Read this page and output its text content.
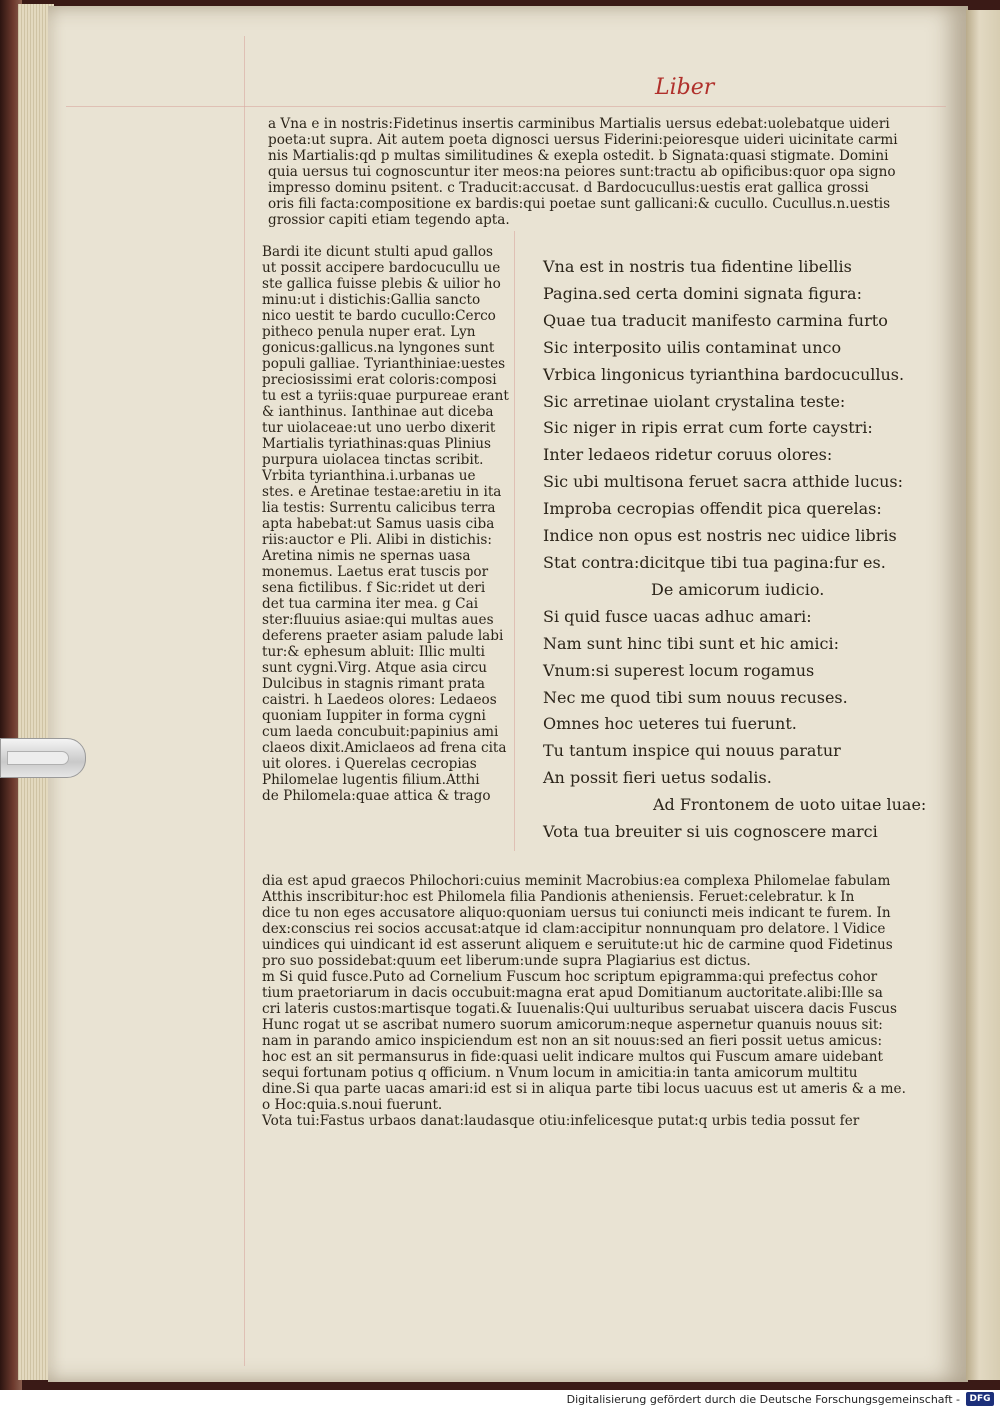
Liber
a Vna e in nostris:Fidetinus insertis carminibus Martialis uersus edebat:uolebatque uideri
poeta:ut supra. Ait autem poeta dignosci uersus Fiderini:peioresque uideri uicinitate carmi
nis Martialis:qd p multas similitudines & exepla ostedit. b Signata:quasi stigmate. Domini
quia uersus tui cognoscuntur iter meos:na peiores sunt:tractu ab opificibus:quor opa signo
impresso dominu psitent. c Traducit:accusat. d Bardocucullus:uestis erat gallica grossi
oris fili facta:compositione ex bardis:qui poetae sunt gallicani:& cucullo. Cucullus.n.uestis
grossior capiti etiam tegendo apta.
Bardi ite dicunt stulti apud gallos
ut possit accipere bardocucullu ue
ste gallica fuisse plebis & uilior ho
minu:ut i distichis:Gallia sancto
nico uestit te bardo cucullo:Cerco
pitheco penula nuper erat. Lyn
gonicus:gallicus.na lyngones sunt
populi galliae. Tyrianthiniae:uestes
preciosissimi erat coloris:composi
tu est a tyriis:quae purpureae erant
& ianthinus. Ianthinae aut diceba
tur uiolaceae:ut uno uerbo dixerit
Martialis tyriathinas:quas Plinius
purpura uiolacea tinctas scribit.
Vrbita tyrianthina.i.urbanas ue
stes. e Aretinae testae:aretiu in ita
lia testis: Surrentu calicibus terra
apta habebat:ut Samus uasis ciba
riis:auctor e Pli. Alibi in distichis:
Aretina nimis ne spernas uasa
monemus. Laetus erat tuscis por
sena fictilibus. f Sic:ridet ut deri
det tua carmina iter mea. g Cai
ster:fluuius asiae:qui multas aues
deferens praeter asiam palude labi
tur:& ephesum abluit: Illic multi
sunt cygni.Virg. Atque asia circu
Dulcibus in stagnis rimant prata
caistri. h Laedeos olores: Ledaeos
quoniam Iuppiter in forma cygni
cum laeda concubuit:papinius ami
claeos dixit.Amiclaeos ad frena cita
uit olores. i Querelas cecropias
Philomelae lugentis filium.Atthi
de Philomela:quae attica & trago
Vna est in nostris tua fidentine libellis
Pagina.sed certa domini signata figura:
Quae tua traducit manifesto carmina furto
Sic interposito uilis contaminat unco
Vrbica lingonicus tyrianthina bardocucullus.
Sic arretinae uiolant crystalina teste:
Sic niger in ripis errat cum forte caystri:
Inter ledaeos ridetur coruus olores:
Sic ubi multisona feruet sacra atthide lucus:
Improba cecropias offendit pica querelas:
Indice non opus est nostris nec uidice libris
Stat contra:dicitque tibi tua pagina:fur es.
De amicorum iudicio.
Si quid fusce uacas adhuc amari:
Nam sunt hinc tibi sunt et hic amici:
Vnum:si superest locum rogamus
Nec me quod tibi sum nouus recuses.
Omnes hoc ueteres tui fuerunt.
Tu tantum inspice qui nouus paratur
An possit fieri uetus sodalis.
Ad Frontonem de uoto uitae luae:
Vota tua breuiter si uis cognoscere marci
dia est apud graecos Philochori:cuius meminit Macrobius:ea complexa Philomelae fabulam
Atthis inscribitur:hoc est Philomela filia Pandionis atheniensis. Feruet:celebratur. k In
dice tu non eges accusatore aliquo:quoniam uersus tui coniuncti meis indicant te furem. In
dex:conscius rei socios accusat:atque id clam:accipitur nonnunquam pro delatore. l Vidice
uindices qui uindicant id est asserunt aliquem e seruitute:ut hic de carmine quod Fidetinus
pro suo possidebat:quum eet liberum:unde supra Plagiarius est dictus.
m Si quid fusce.Puto ad Cornelium Fuscum hoc scriptum epigramma:qui prefectus cohor
tium praetoriarum in dacis occubuit:magna erat apud Domitianum auctoritate.alibi:Ille sa
cri lateris custos:martisque togati.& Iuuenalis:Qui uulturibus seruabat uiscera dacis Fuscus
Hunc rogat ut se ascribat numero suorum amicorum:neque aspernetur quanuis nouus sit:
nam in parando amico inspiciendum est non an sit nouus:sed an fieri possit uetus amicus:
hoc est an sit permansurus in fide:quasi uelit indicare multos qui Fuscum amare uidebant
sequi fortunam potius q officium. n Vnum locum in amicitia:in tanta amicorum multitu
dine.Si qua parte uacas amari:id est si in aliqua parte tibi locus uacuus est ut ameris & a me.
o Hoc:quia.s.noui fuerunt.
Vota tui:Fastus urbaos danat:laudasque otiu:infelicesque putat:q urbis tedia possut fer
Digitalisierung gefördert durch die Deutsche Forschungsgemeinschaft -	DFG
